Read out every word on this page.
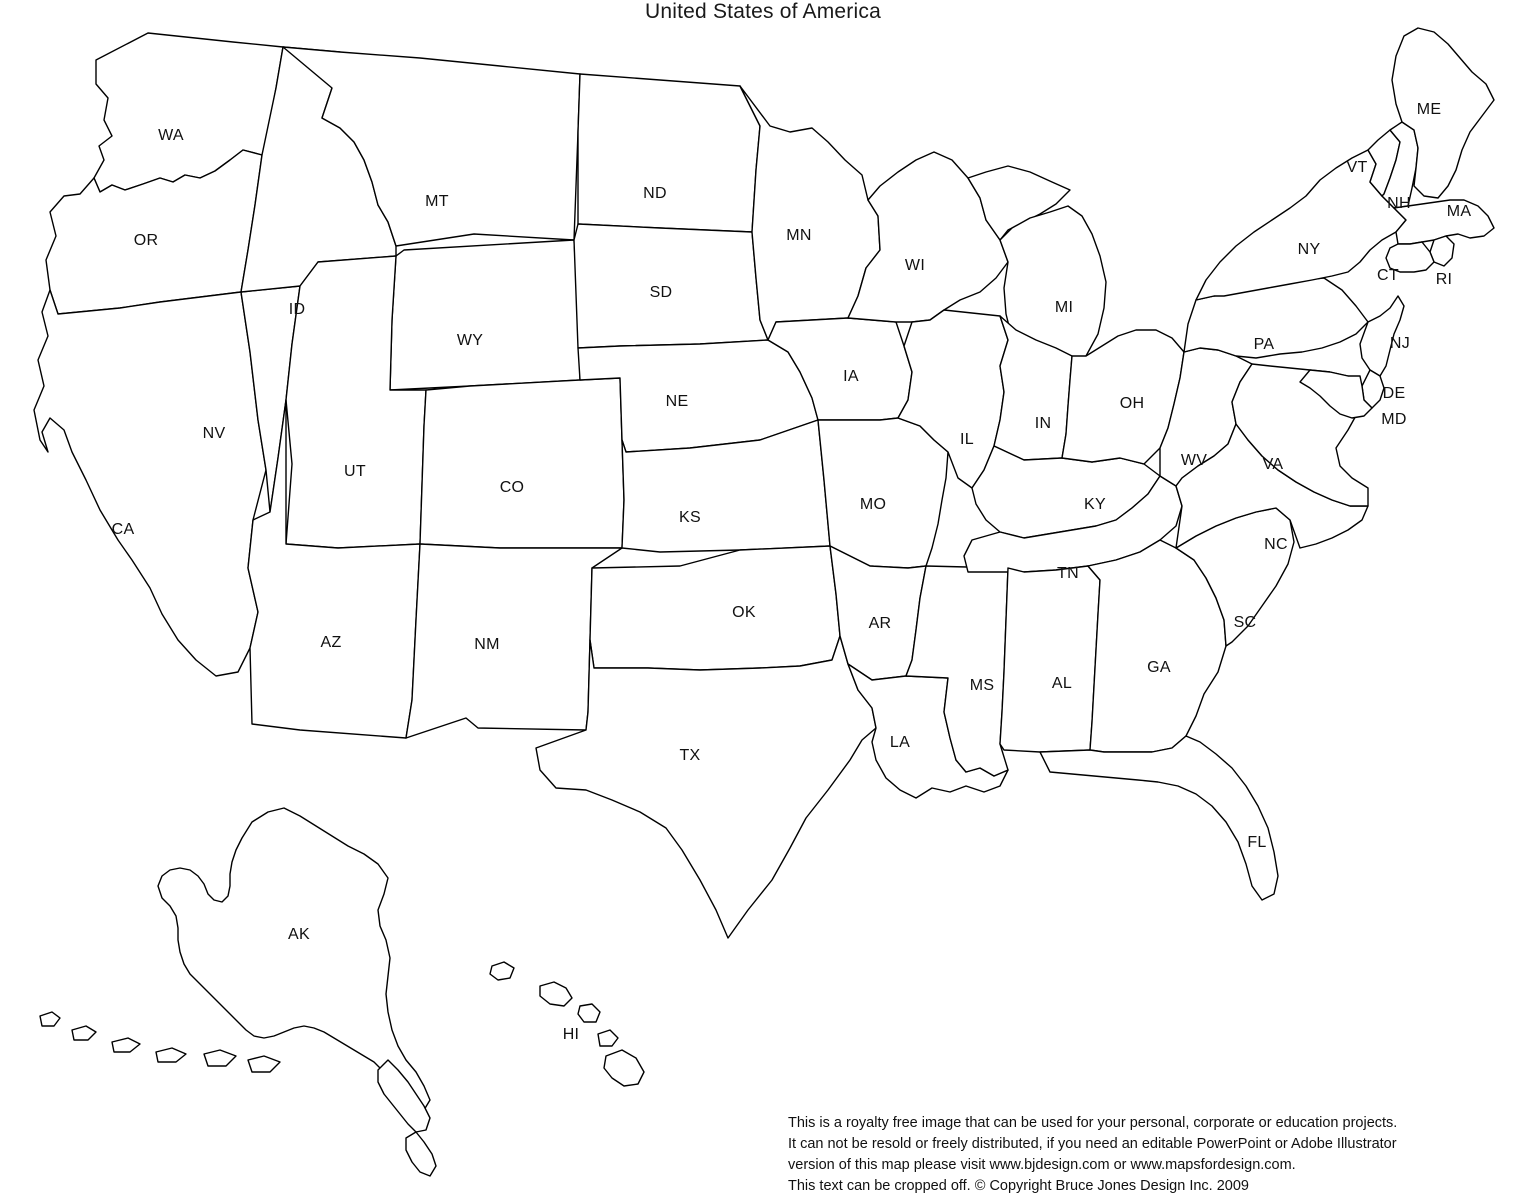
United States of America
WA
OR
CA
NV
ID
MT
WY
UT
AZ
CO
NM
ND
SD
NE
KS
OK
TX
MN
IA
MO
AR
LA
WI
IL
MS
MI
IN
KY
TN
AL
OH
WV
GA
FL
SC
NC
VA
PA
NY
VT
NH
ME
MA
RI
CT
NJ
DE
MD
AK
HI
This is a royalty free image that can be used for your personal, corporate or education projects.
It can not be resold or freely distributed, if you need an editable PowerPoint or Adobe Illustrator
version of this map please visit www.bjdesign.com or www.mapsfordesign.com.
This text can be cropped off. © Copyright Bruce Jones Design Inc. 2009
